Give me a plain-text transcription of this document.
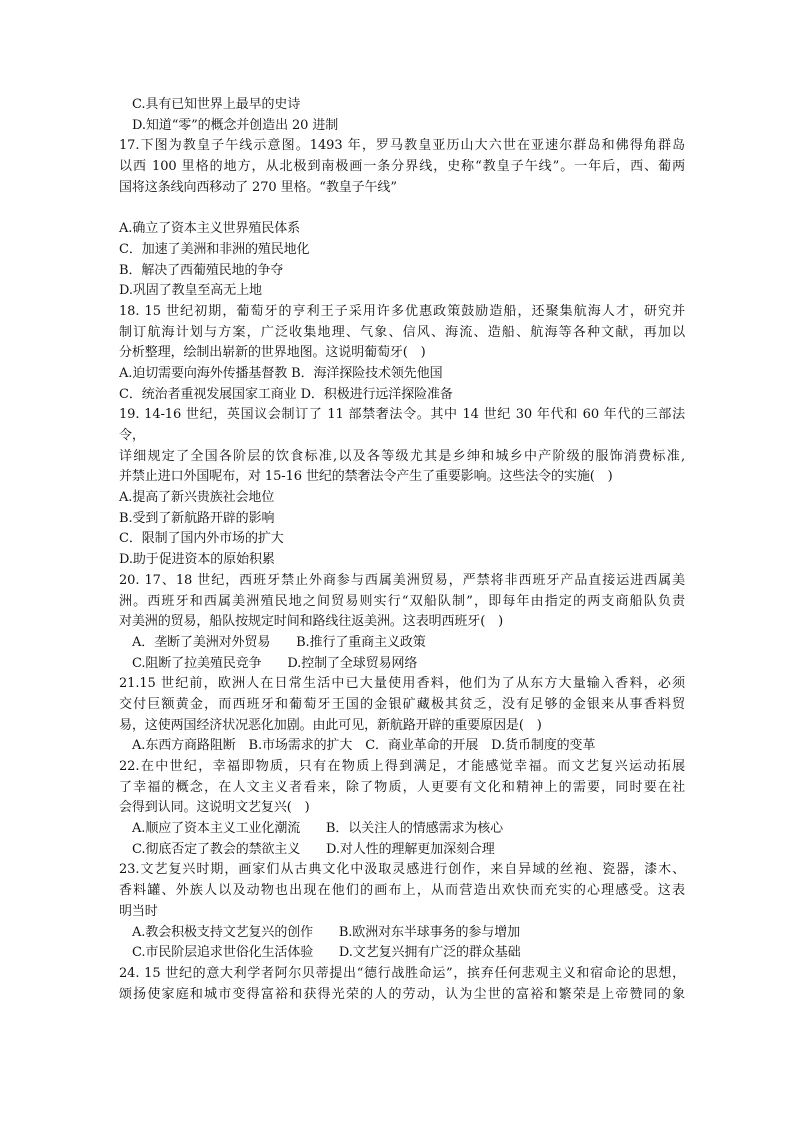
C.具有已知世界上最早的史诗
D.知道“零”的概念并创造出 20 进制
17.下图为教皇子午线示意图。1493 年，罗马教皇亚历山大六世在亚速尔群岛和佛得角群岛
以西 100 里格的地方，从北极到南极画一条分界线，史称“教皇子午线”。一年后，西、葡两
国将这条线向西移动了 270 里格。“教皇子午线”
A.确立了资本主义世界殖民体系
C．加速了美洲和非洲的殖民地化
B．解决了西葡殖民地的争夺
D.巩固了教皇至高无上地
18. 15 世纪初期，葡萄牙的亨利王子采用许多优惠政策鼓励造船，还聚集航海人才，研究并
制订航海计划与方案，广泛收集地理、气象、信风、海流、造船、航海等各种文献，再加以
分析整理，绘制出崭新的世界地图。这说明葡萄牙(　)
A.迫切需要向海外传播基督教 B．海洋探险技术领先他国
C．统治者重视发展国家工商业 D．积极进行远洋探险准备
19. 14-16 世纪，英国议会制订了 11 部禁奢法令。其中 14 世纪 30 年代和 60 年代的三部法
令，
详细规定了全国各阶层的饮食标准,以及各等级尤其是乡绅和城乡中产阶级的服饰消费标准,
并禁止进口外国呢布，对 15-16 世纪的禁奢法令产生了重要影响。这些法令的实施(　)
A.提高了新兴贵族社会地位
B.受到了新航路开辟的影响
C．限制了国内外市场的扩大
D.助于促进资本的原始积累
20. 17、18 世纪，西班牙禁止外商参与西属美洲贸易，严禁将非西班牙产品直接运进西属美
洲。西班牙和西属美洲殖民地之间贸易则实行“双船队制”，即每年由指定的两支商船队负责
对美洲的贸易，船队按规定时间和路线往返美洲。这表明西班牙(　)
A．垄断了美洲对外贸易　　B.推行了重商主义政策
C.阻断了拉美殖民竞争　　D.控制了全球贸易网络
21.15 世纪前，欧洲人在日常生活中已大量使用香料，他们为了从东方大量输入香料，必须
交付巨额黄金，而西班牙和葡萄牙王国的金银矿藏极其贫乏，没有足够的金银来从事香料贸
易，这使两国经济状况恶化加剧。由此可见，新航路开辟的重要原因是(　)
A.东西方商路阻断　B.市场需求的扩大　C．商业革命的开展　D.货币制度的变革
22.在中世纪，幸福即物质，只有在物质上得到满足，才能感觉幸福。而文艺复兴运动拓展
了幸福的概念，在人文主义者看来，除了物质，人更要有文化和精神上的需要，同时要在社
会得到认同。这说明文艺复兴(　)
A.顺应了资本主义工业化潮流　　B．以关注人的情感需求为核心
C.彻底否定了教会的禁欲主义　　D.对人性的理解更加深刻合理
23.文艺复兴时期，画家们从古典文化中汲取灵感进行创作，来自异域的丝袍、瓷器，漆木、
香料罐、外族人以及动物也出现在他们的画布上，从而营造出欢快而充实的心理感受。这表
明当时
A.教会积极支持文艺复兴的创作　　B.欧洲对东半球事务的参与增加
C.市民阶层追求世俗化生活体验　　D.文艺复兴拥有广泛的群众基础
24. 15 世纪的意大利学者阿尔贝蒂提出“德行战胜命运”，摈弃任何悲观主义和宿命论的思想，
颂扬使家庭和城市变得富裕和获得光荣的人的劳动，认为尘世的富裕和繁荣是上帝赞同的象
